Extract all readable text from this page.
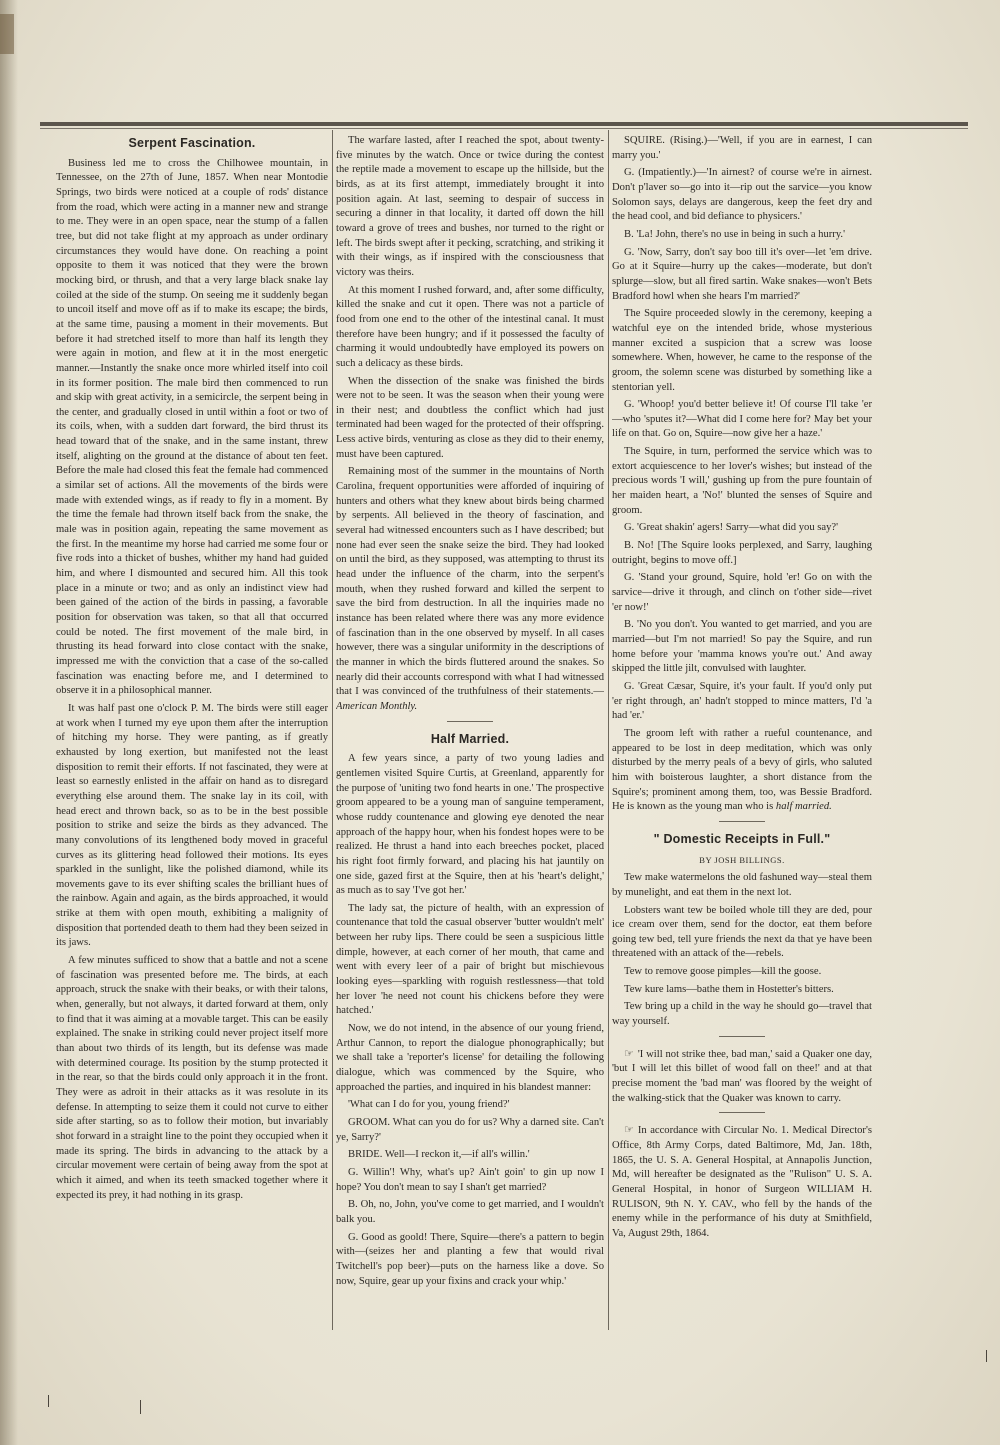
Serpent Fascination.

Business led me to cross the Chilhowee mountain, in Tennessee, on the 27th of June, 1857. When near Montodie Springs, two birds were noticed at a couple of rods' distance from the road, which were acting in a manner new and strange to me. They were in an open space, near the stump of a fallen tree, but did not take flight at my approach as under ordinary circumstances they would have done. On reaching a point opposite to them it was noticed that they were the brown mocking bird, or thrush, and that a very large black snake lay coiled at the side of the stump. On seeing me it suddenly began to uncoil itself and move off as if to make its escape; the birds, at the same time, pausing a moment in their movements. But before it had stretched itself to more than half its length they were again in motion, and flew at it in the most energetic manner.—Instantly the snake once more whirled itself into coil in its former position. The male bird then commenced to run and skip with great activity, in a semicircle, the serpent being in the center, and gradually closed in until within a foot or two of its coils, when, with a sudden dart forward, the bird thrust its head toward that of the snake, and in the same instant, threw itself, alighting on the ground at the distance of about ten feet. Before the male had closed this feat the female had commenced a similar set of actions. All the movements of the birds were made with extended wings, as if ready to fly in a moment. By the time the female had thrown itself back from the snake, the male was in position again, repeating the same movement as the first. In the meantime my horse had carried me some four or five rods into a thicket of bushes, whither my hand had guided him, and where I dismounted and secured him. All this took place in a minute or two; and as only an indistinct view had been gained of the action of the birds in passing, a favorable position for observation was taken, so that all that occurred could be noted. The first movement of the male bird, in thrusting its head forward into close contact with the snake, impressed me with the conviction that a case of the so-called fascination was enacting before me, and I determined to observe it in a philosophical manner.

It was half past one o'clock P. M. The birds were still eager at work when I turned my eye upon them after the interruption of hitching my horse. They were panting, as if greatly exhausted by long exertion, but manifested not the least disposition to remit their efforts. If not fascinated, they were at least so earnestly enlisted in the affair on hand as to disregard everything else around them. The snake lay in its coil, with head erect and thrown back, so as to be in the best possible position to strike and seize the birds as they advanced. The many convolutions of its lengthened body moved in graceful curves as its glittering head followed their motions. Its eyes sparkled in the sunlight, like the polished diamond, while its movements gave to its ever shifting scales the brilliant hues of the rainbow. Again and again, as the birds approached, it would strike at them with open mouth, exhibiting a malignity of disposition that portended death to them had they been seized in its jaws.

A few minutes sufficed to show that a battle and not a scene of fascination was presented before me. The birds, at each approach, struck the snake with their beaks, or with their talons, when, generally, but not always, it darted forward at them, only to find that it was aiming at a movable target. This can be easily explained. The snake in striking could never project itself more than about two thirds of its length, but its defense was made with determined courage. Its position by the stump protected it in the rear, so that the birds could only approach it in the front. They were as adroit in their attacks as it was resolute in its defense. In attempting to seize them it could not curve to either side after starting, so as to follow their motion, but invariably shot forward in a straight line to the point they occupied when it made its spring. The birds in advancing to the attack by a circular movement were certain of being away from the spot at which it aimed, and when its teeth smacked together where it expected its prey, it had nothing in its grasp.

The warfare lasted, after I reached the spot, about twenty-five minutes by the watch. Once or twice during the contest the reptile made a movement to escape up the hillside, but the birds, as at its first attempt, immediately brought it into position again. At last, seeming to despair of success in securing a dinner in that locality, it darted off down the hill toward a grove of trees and bushes, nor turned to the right or left. The birds swept after it pecking, scratching, and striking it with their wings, as if inspired with the consciousness that victory was theirs.

At this moment I rushed forward, and, after some difficulty, killed the snake and cut it open. There was not a particle of food from one end to the other of the intestinal canal. It must therefore have been hungry; and if it possessed the faculty of charming it would undoubtedly have employed its powers on such a delicacy as these birds.

When the dissection of the snake was finished the birds were not to be seen. It was the season when their young were in their nest; and doubtless the conflict which had just terminated had been waged for the protected of their offspring. Less active birds, venturing as close as they did to their enemy, must have been captured.

Remaining most of the summer in the mountains of North Carolina, frequent opportunities were afforded of inquiring of hunters and others what they knew about birds being charmed by serpents. All believed in the theory of fascination, and several had witnessed encounters such as I have described; but none had ever seen the snake seize the bird. They had looked on until the bird, as they supposed, was attempting to thrust its head under the influence of the charm, into the serpent's mouth, when they rushed forward and killed the serpent to save the bird from destruction. In all the inquiries made no instance has been related where there was any more evidence of fascination than in the one observed by myself. In all cases however, there was a singular uniformity in the descriptions of the manner in which the birds fluttered around the snakes. So nearly did their accounts correspond with what I had witnessed that I was convinced of the truthfulness of their statements.—American Monthly.

Half Married.

A few years since, a party of two young ladies and gentlemen visited Squire Curtis, at Greenland, apparently for the purpose of 'uniting two fond hearts in one.' The prospective groom appeared to be a young man of sanguine temperament, whose ruddy countenance and glowing eye denoted the near approach of the happy hour, when his fondest hopes were to be realized. He thrust a hand into each breeches pocket, placed his right foot firmly forward, and placing his hat jauntily on one side, gazed first at the Squire, then at his 'heart's delight,' as much as to say 'I've got her.'

The lady sat, the picture of health, with an expression of countenance that told the casual observer 'butter wouldn't melt' between her ruby lips. There could be seen a suspicious little dimple, however, at each corner of her mouth, that came and went with every leer of a pair of bright but mischievous looking eyes—sparkling with roguish restlessness—that told her lover 'he need not count his chickens before they were hatched.'

Now, we do not intend, in the absence of our young friend, Arthur Cannon, to report the dialogue phonographically; but we shall take a 'reporter's license' for detailing the following dialogue, which was commenced by the Squire, who approached the parties, and inquired in his blandest manner:

'What can I do for you, young friend?'

GROOM. What can you do for us? Why a darned site. Can't ye, Sarry?'

BRIDE. Well—I reckon it,—if all's willin.'

G. Willin'! Why, what's up? Ain't goin' to gin up now I hope? You don't mean to say I shan't get married?

B. Oh, no, John, you've come to get married, and I wouldn't balk you.

G. Good as goold! There, Squire—there's a pattern to begin with—(seizes her and planting a few that would rival Twitchell's pop beer)—puts on the harness like a dove. So now, Squire, gear up your fixins and crack your whip.'

SQUIRE. (Rising.)—'Well, if you are in earnest, I can marry you.'

G. (Impatiently.)—'In airnest? of course we're in airnest. Don't p'laver so—go into it—rip out the sarvice—you know Solomon says, delays are dangerous, keep the feet dry and the head cool, and bid defiance to physicers.'

B. 'La! John, there's no use in being in such a hurry.'

G. 'Now, Sarry, don't say boo till it's over—let 'em drive. Go at it Squire—hurry up the cakes—moderate, but don't splurge—slow, but all fired sartin. Wake snakes—won't Bets Bradford howl when she hears I'm married?'

The Squire proceeded slowly in the ceremony, keeping a watchful eye on the intended bride, whose mysterious manner excited a suspicion that a screw was loose somewhere. When, however, he came to the response of the groom, the solemn scene was disturbed by something like a stentorian yell.

G. 'Whoop! you'd better believe it! Of course I'll take 'er—who 'sputes it?—What did I come here for? May bet your life on that. Go on, Squire—now give her a haze.'

The Squire, in turn, performed the service which was to extort acquiescence to her lover's wishes; but instead of the precious words 'I will,' gushing up from the pure fountain of her maiden heart, a 'No!' blunted the senses of Squire and groom.

G. 'Great shakin' agers! Sarry—what did you say?'

B. No! [The Squire looks perplexed, and Sarry, laughing outright, begins to move off.]

G. 'Stand your ground, Squire, hold 'er! Go on with the sarvice—drive it through, and clinch on t'other side—rivet 'er now!'

B. 'No you don't. You wanted to get married, and you are married—but I'm not married! So pay the Squire, and run home before your 'mamma knows you're out.' And away skipped the little jilt, convulsed with laughter.

G. 'Great Cæsar, Squire, it's your fault. If you'd only put 'er right through, an' hadn't stopped to mince matters, I'd 'a had 'er.'

The groom left with rather a rueful countenance, and appeared to be lost in deep meditation, which was only disturbed by the merry peals of a bevy of girls, who saluted him with boisterous laughter, a short distance from the Squire's; prominent among them, too, was Bessie Bradford. He is known as the young man who is half married.

" Domestic Receipts in Full."
BY JOSH BILLINGS.

Tew make watermelons the old fashuned way—steal them by munelight, and eat them in the next lot.

Lobsters want tew be boiled whole till they are ded, pour ice cream over them, send for the doctor, eat them before going tew bed, tell yure friends the next da that ye have been threatened with an attack of the—rebels.

Tew to remove goose pimples—kill the goose.

Tew kure lams—bathe them in Hostetter's bitters.

Tew bring up a child in the way he should go—travel that way yourself.

☞ 'I will not strike thee, bad man,' said a Quaker one day, 'but I will let this billet of wood fall on thee!' and at that precise moment the 'bad man' was floored by the weight of the walking-stick that the Quaker was known to carry.

☞ In accordance with Circular No. 1. Medical Director's Office, 8th Army Corps, dated Baltimore, Md, Jan. 18th, 1865, the U. S. A. General Hospital, at Annapolis Junction, Md, will hereafter be designated as the "Rulison" U. S. A. General Hospital, in honor of Surgeon WILLIAM H. RULISON, 9th N. Y. CAV., who fell by the hands of the enemy while in the performance of his duty at Smithfield, Va, August 29th, 1864.
